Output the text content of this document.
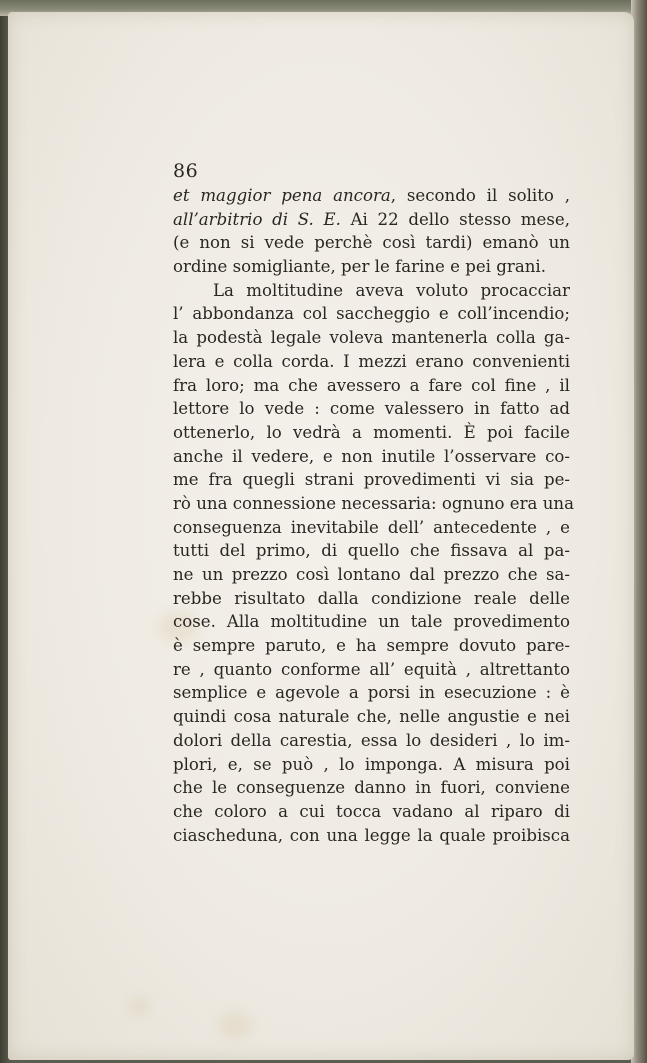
86
et maggior pena ancora, secondo il solito ,
all’arbitrio di S. E. Ai 22 dello stesso mese,
(e non si vede perchè così tardi) emanò un
ordine somigliante, per le farine e pei grani.
La moltitudine aveva voluto procacciar
l’ abbondanza col saccheggio e coll’incendio;
la podestà legale voleva mantenerla colla ga-
lera e colla corda. I mezzi erano convenienti
fra loro; ma che avessero a fare col fine , il
lettore lo vede : come valessero in fatto ad
ottenerlo, lo vedrà a momenti. È poi facile
anche il vedere, e non inutile l’osservare co-
me fra quegli strani provedimenti vi sia pe-
rò una connessione necessaria: ognuno era una
conseguenza inevitabile dell’ antecedente , e
tutti del primo, di quello che fissava al pa-
ne un prezzo così lontano dal prezzo che sa-
rebbe risultato dalla condizione reale delle
cose. Alla moltitudine un tale provedimento
è sempre paruto, e ha sempre dovuto pare-
re , quanto conforme all’ equità , altrettanto
semplice e agevole a porsi in esecuzione : è
quindi cosa naturale che, nelle angustie e nei
dolori della carestia, essa lo desideri , lo im-
plori, e, se può , lo imponga. A misura poi
che le conseguenze danno in fuori, conviene
che coloro a cui tocca vadano al riparo di
ciascheduna, con una legge la quale proibisca
